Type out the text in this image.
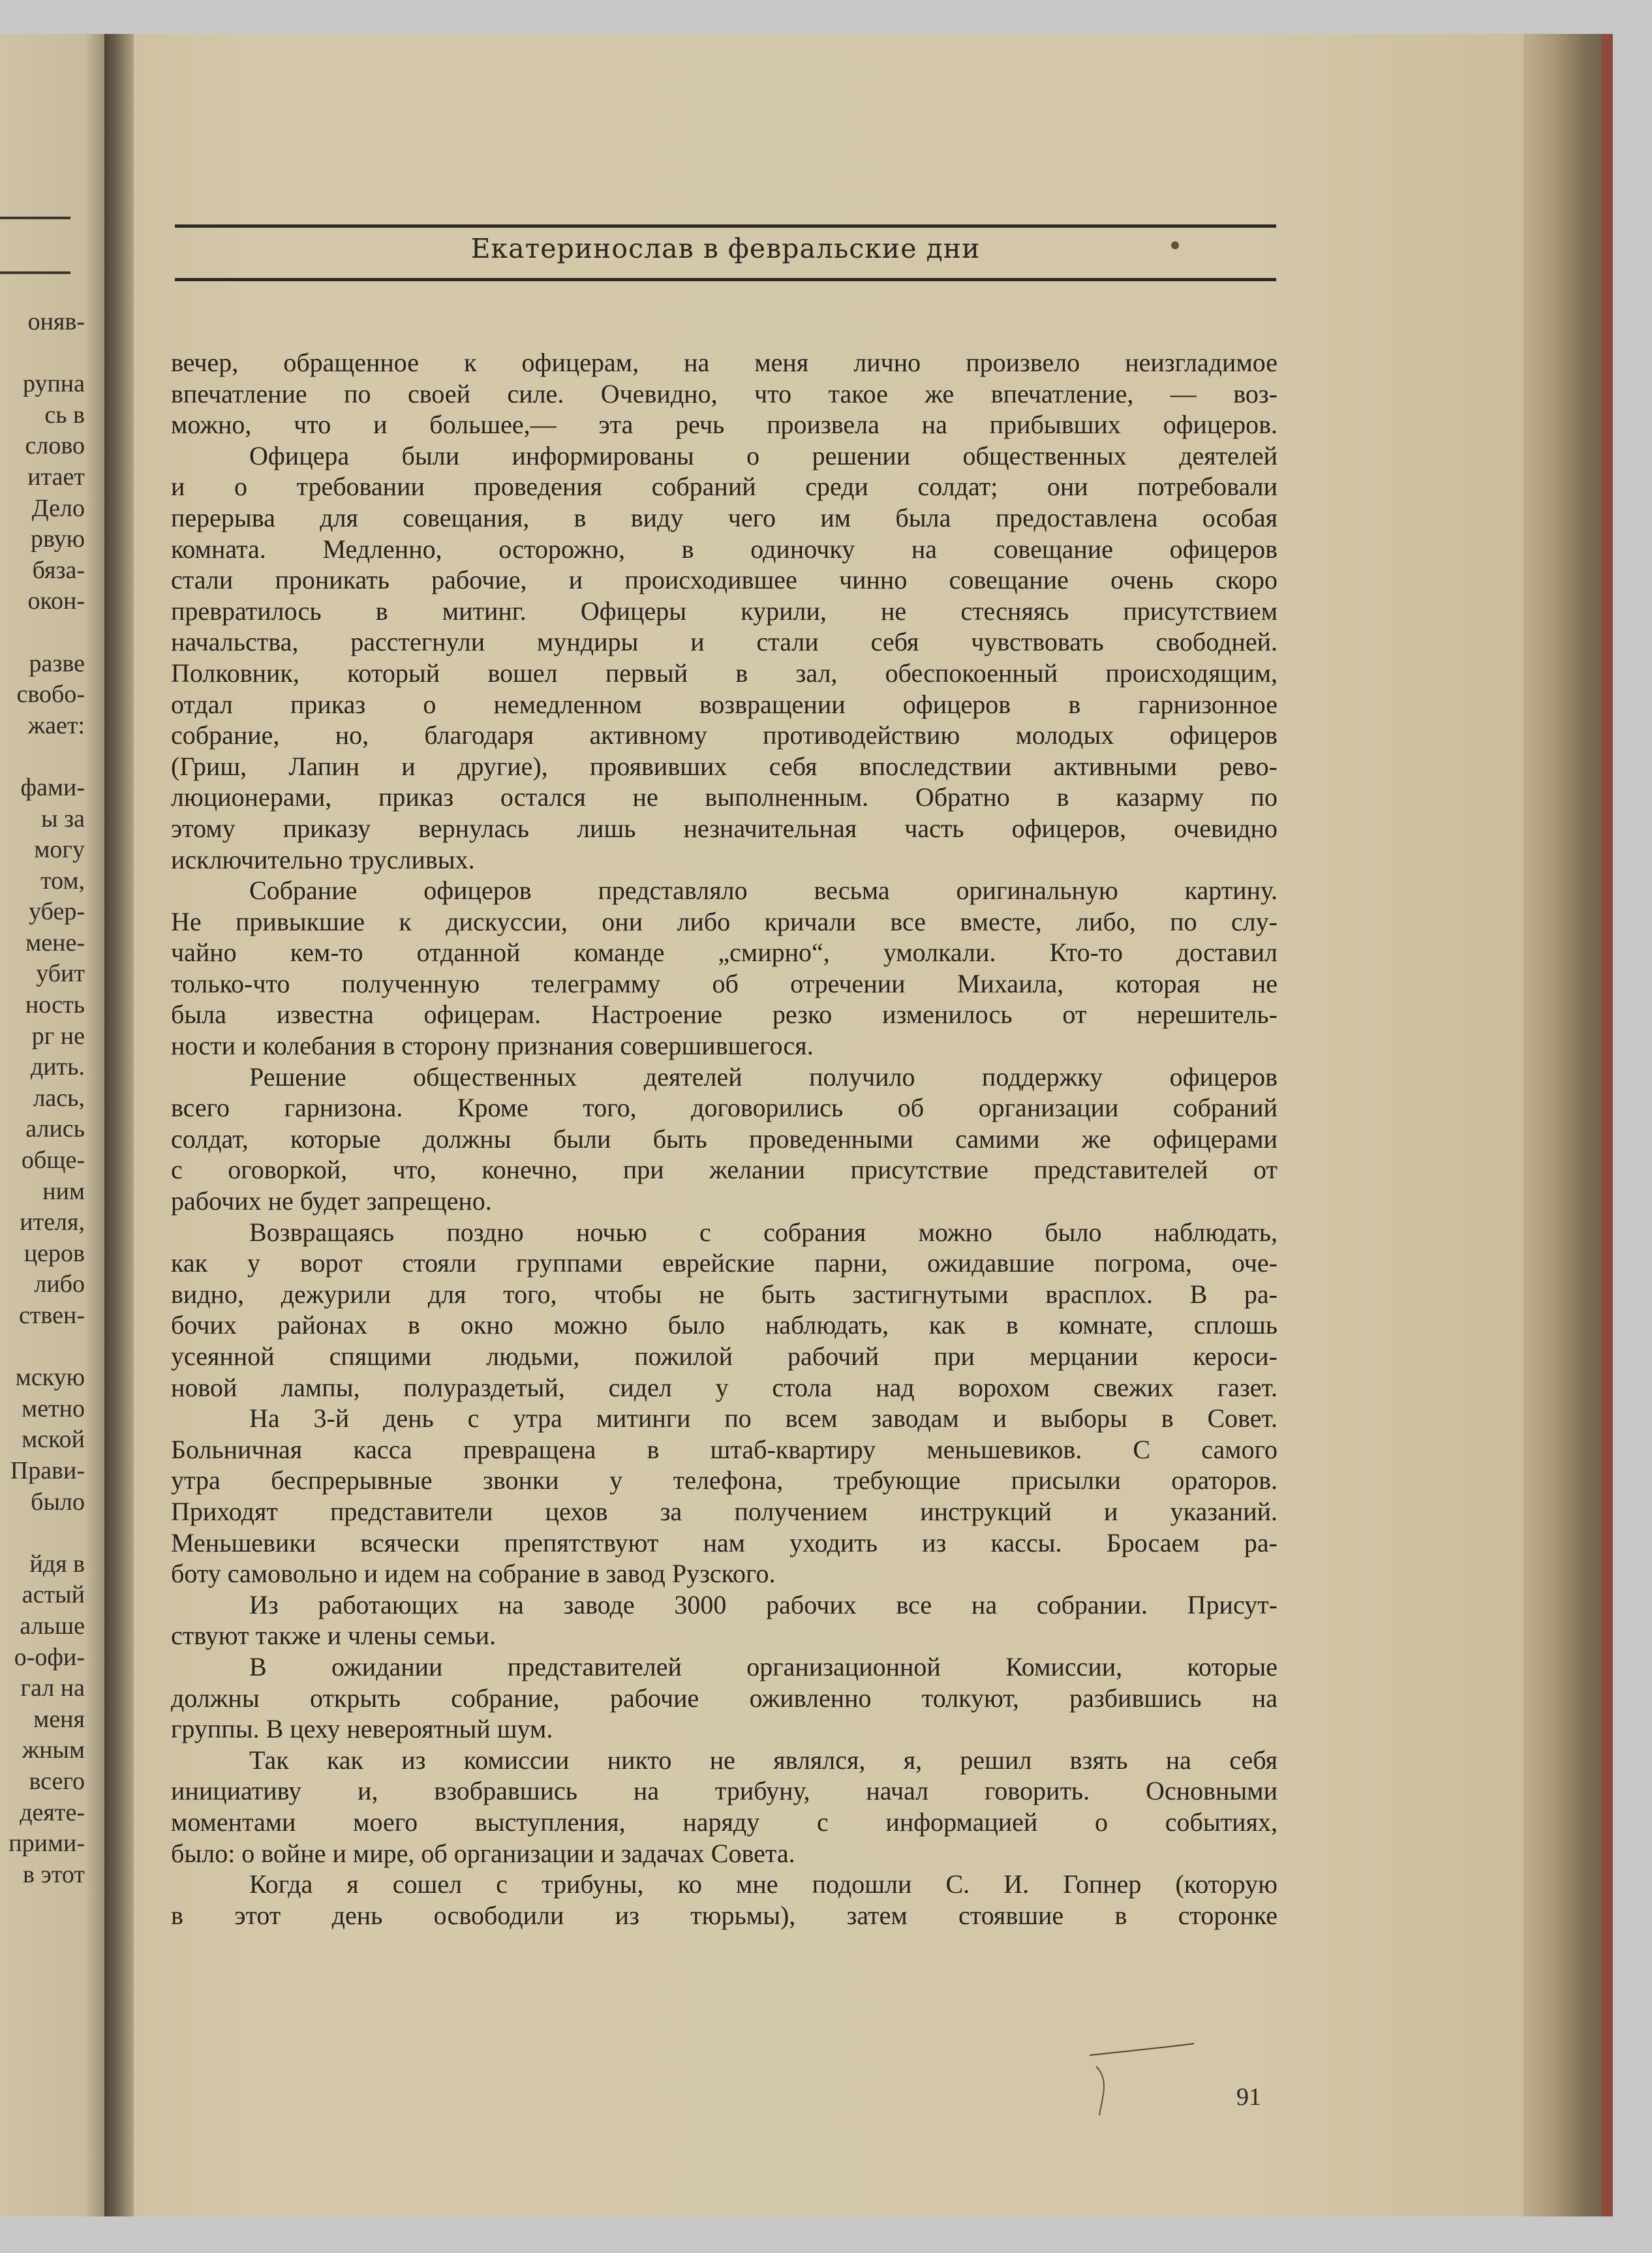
оняв-
рупна
сь в
слово
итает
Дело
рвую
бяза-
окон-
разве
свобо-
жает:
фами-
ы за
могу
том,
убер-
мене-
убит
ность
рг не
дить.
лась,
ались
обще-
ним
ителя,
церов
либо
ствен-
мскую
метно
мской
Прави-
было
йдя в
астый
альше
о-офи-
гал на
меня
жным
всего
деяте-
прими-
в этот
Екатеринослав в февральские дни
вечер, обращенное к офицерам, на меня лично произвело неизгладимое
впечатление по своей силе. Очевидно, что такое же впечатление, — воз-
можно, что и большее,— эта речь произвела на прибывших офицеров.
Офицера были информированы о решении общественных деятелей
и о требовании проведения собраний среди солдат; они потребовали
перерыва для совещания, в виду чего им была предоставлена особая
комната. Медленно, осторожно, в одиночку на совещание офицеров
стали проникать рабочие, и происходившее чинно совещание очень скоро
превратилось в митинг. Офицеры курили, не стесняясь присутствием
начальства, расстегнули мундиры и стали себя чувствовать свободней.
Полковник, который вошел первый в зал, обеспокоенный происходящим,
отдал приказ о немедленном возвращении офицеров в гарнизонное
собрание, но, благодаря активному противодействию молодых офицеров
(Гриш, Лапин и другие), проявивших себя впоследствии активными рево-
люционерами, приказ остался не выполненным. Обратно в казарму по
этому приказу вернулась лишь незначительная часть офицеров, очевидно
исключительно трусливых.
Собрание офицеров представляло весьма оригинальную картину.
Не привыкшие к дискуссии, они либо кричали все вместе, либо, по слу-
чайно кем-то отданной команде „смирно“, умолкали. Кто-то доставил
только-что полученную телеграмму об отречении Михаила, которая не
была известна офицерам. Настроение резко изменилось от нерешитель-
ности и колебания в сторону признания совершившегося.
Решение общественных деятелей получило поддержку офицеров
всего гарнизона. Кроме того, договорились об организации собраний
солдат, которые должны были быть проведенными самими же офицерами
с оговоркой, что, конечно, при желании присутствие представителей от
рабочих не будет запрещено.
Возвращаясь поздно ночью с собрания можно было наблюдать,
как у ворот стояли группами еврейские парни, ожидавшие погрома, оче-
видно, дежурили для того, чтобы не быть застигнутыми врасплох. В ра-
бочих районах в окно можно было наблюдать, как в комнате, сплошь
усеянной спящими людьми, пожилой рабочий при мерцании кероси-
новой лампы, полураздетый, сидел у стола над ворохом свежих газет.
На 3-й день с утра митинги по всем заводам и выборы в Совет.
Больничная касса превращена в штаб-квартиру меньшевиков. С самого
утра беспрерывные звонки у телефона, требующие присылки ораторов.
Приходят представители цехов за получением инструкций и указаний.
Меньшевики всячески препятствуют нам уходить из кассы. Бросаем ра-
боту самовольно и идем на собрание в завод Рузского.
Из работающих на заводе 3000 рабочих все на собрании. Присут-
ствуют также и члены семьи.
В ожидании представителей организационной Комиссии, которые
должны открыть собрание, рабочие оживленно толкуют, разбившись на
группы. В цеху невероятный шум.
Так как из комиссии никто не являлся, я, решил взять на себя
инициативу и, взобравшись на трибуну, начал говорить. Основными
моментами моего выступления, наряду с информацией о событиях,
было: о войне и мире, об организации и задачах Совета.
Когда я сошел с трибуны, ко мне подошли С. И. Гопнер (которую
в этот день освободили из тюрьмы), затем стоявшие в сторонке
91
